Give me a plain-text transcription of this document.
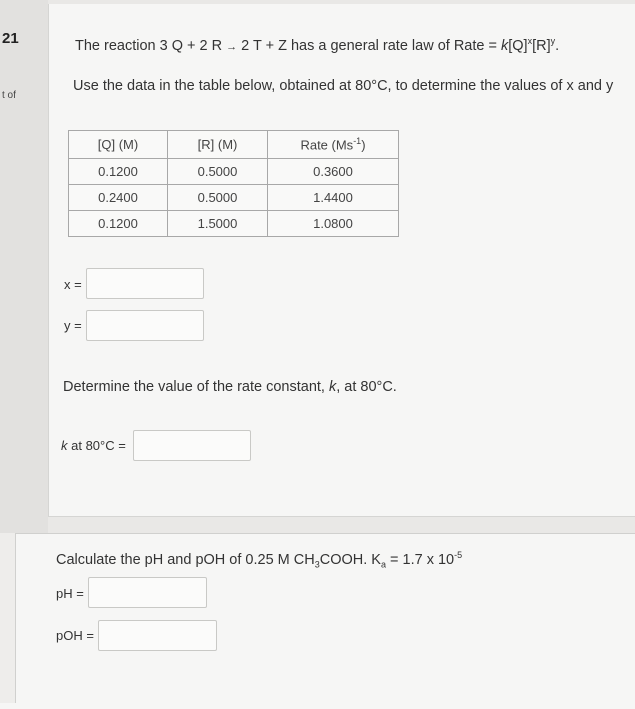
21
t of
The reaction 3 Q + 2 R → 2 T + Z has a general rate law of Rate = $k[Q]^x[R]^y$.
Use the data in the table below, obtained at 80°C, to determine the values of x and y
[Q] (M)	[R] (M)	Rate $(Ms^{-1})$
0.1200	0.5000	0.3600
0.2400	0.5000	1.4400
0.1200	1.5000	1.0800
x =
y =
Determine the value of the rate constant, k, at 80°C.
k at 80°C =
Calculate the pH and pOH of 0.25 M $CH_3COOH$. $K_a = 1.7$ x $10^{-5}$
pH =
pOH =
